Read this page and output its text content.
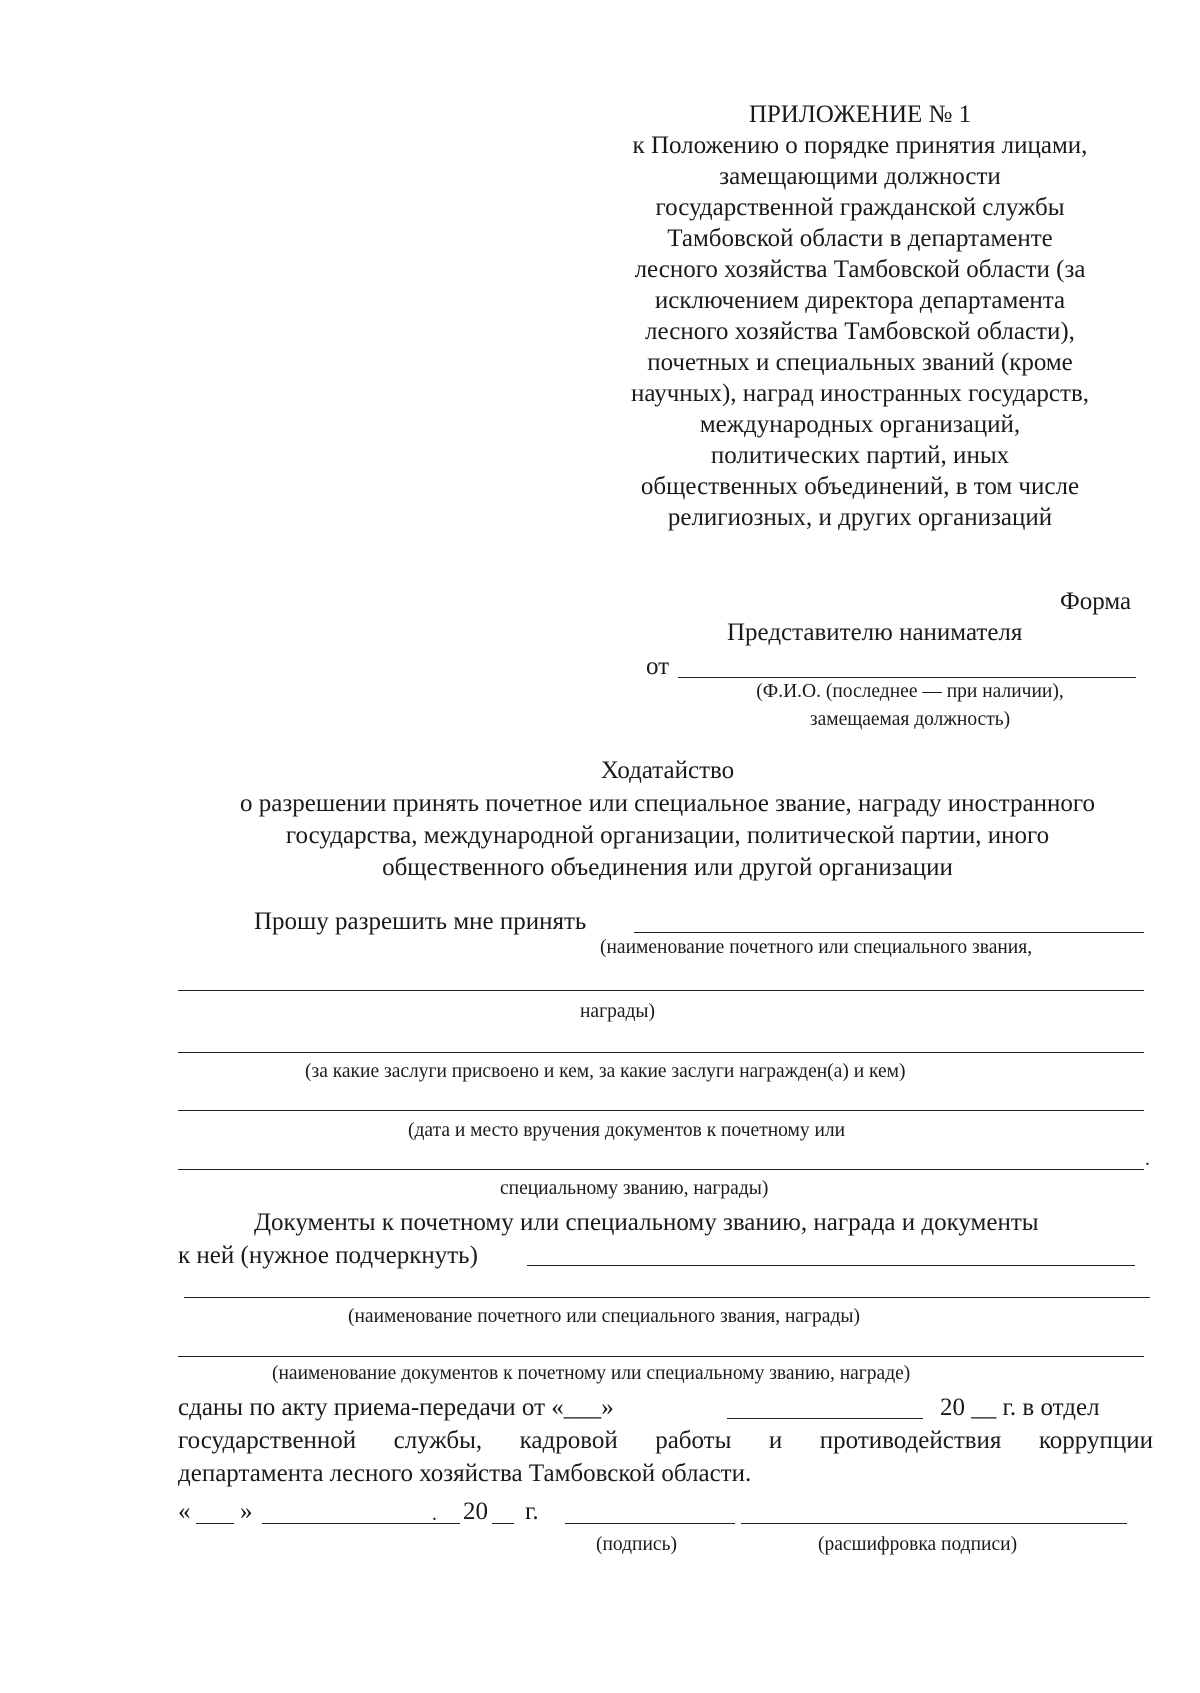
ПРИЛОЖЕНИЕ № 1
к Положению о порядке принятия лицами,
замещающими должности
государственной гражданской службы
Тамбовской области в департаменте
лесного хозяйства Тамбовской области (за
исключением директора департамента
лесного хозяйства Тамбовской области),
почетных и специальных званий (кроме
научных), наград иностранных государств,
международных организаций,
политических партий, иных
общественных объединений, в том числе
религиозных, и других организаций
Форма
Представителю нанимателя
от
(Ф.И.О. (последнее — при наличии),
замещаемая должность)
Ходатайство
о разрешении принять почетное или специальное звание, награду иностранного
государства, международной организации, политической партии, иного
общественного объединения или другой организации
Прошу разрешить мне принять
(наименование почетного или специального звания,
награды)
(за какие заслуги присвоено и кем, за какие заслуги награжден(а) и кем)
(дата и место вручения документов к почетному или
.
специальному званию, награды)
Документы к почетному или специальному званию, награда и документы
к ней (нужное подчеркнуть)
(наименование почетного или специального звания, награды)
(наименование документов к почетному или специальному званию, награде)
сданы по акту приема-передачи от «___»	20 __ г. в отдел
государственной службы, кадровой работы и противодействия коррупции
департамента лесного хозяйства Тамбовской области.
« »	. 20 г.
(подпись)	(расшифровка подписи)
